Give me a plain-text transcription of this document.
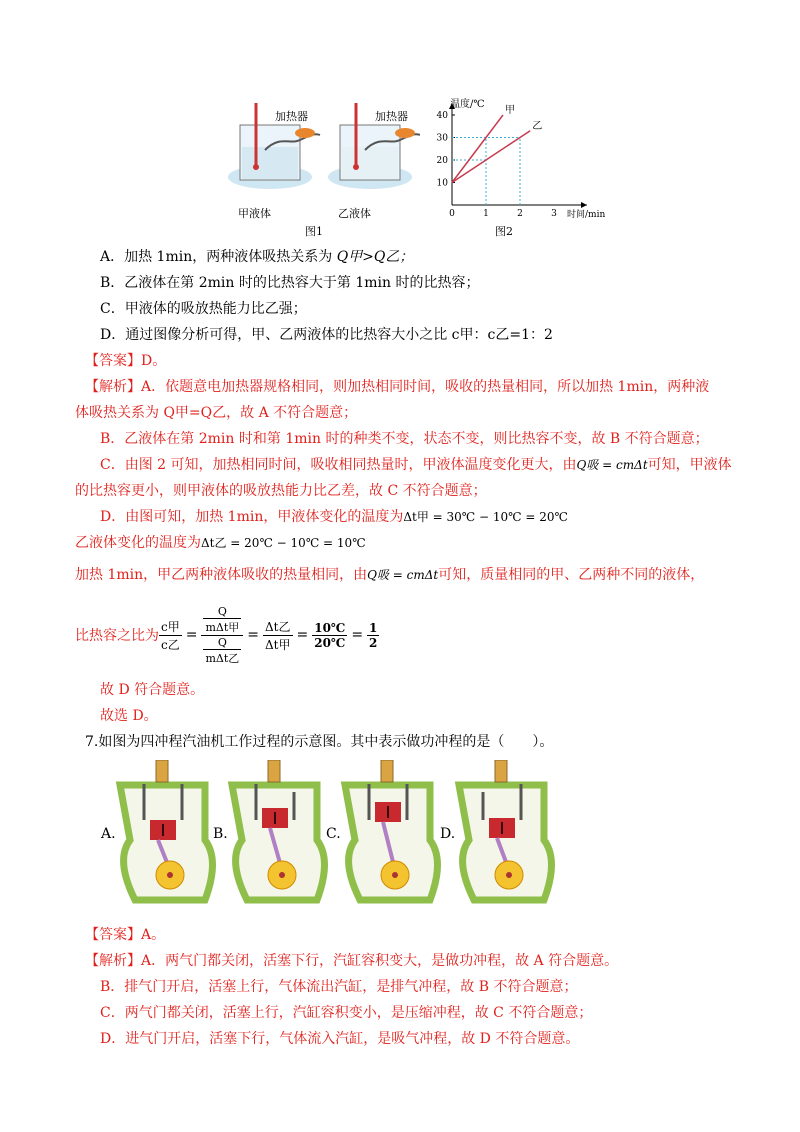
加热器	加热器
甲液体	乙液体
图1
10
20
30
40
0	1	2	3
甲
乙
温度/℃
时间/min
图2
A．加热 1min，两种液体吸热关系为 Q甲>Q乙；
B．乙液体在第 2min 时的比热容大于第 1min 时的比热容；
C．甲液体的吸放热能力比乙强；
D．通过图像分析可得，甲、乙两液体的比热容大小之比 c甲：c乙=1：2
【答案】D。
【解析】A．依题意电加热器规格相同，则加热相同时间，吸收的热量相同，所以加热 1min，两种液
体吸热关系为 Q甲=Q乙，故 A 不符合题意；
B．乙液体在第 2min 时和第 1min 时的种类不变，状态不变，则比热容不变，故 B 不符合题意；
C．由图 2 可知，加热相同时间，吸收相同热量时，甲液体温度变化更大，由Q吸 = cmΔt可知，甲液体
的比热容更小，则甲液体的吸放热能力比乙差，故 C 不符合题意；
D．由图可知，加热 1min，甲液体变化的温度为Δt甲 = 30℃ − 10℃ = 20℃
乙液体变化的温度为Δt乙 = 20℃ − 10℃ = 10℃
加热 1min，甲乙两种液体吸收的热量相同，由Q吸 = cmΔt可知，质量相同的甲、乙两种不同的液体，
比热容之比为 $\frac{\text{c甲}}{\text{c乙}} = \frac{\frac{Q}{\text{mΔt甲}}}{\frac{Q}{\text{mΔt乙}}} = \frac{\text{Δt乙}}{\text{Δt甲}} = \frac{10℃}{20℃} = \frac{1}{2}$
故 D 符合题意。
故选 D。
7.如图为四冲程汽油机工作过程的示意图。其中表示做功冲程的是（　　）。
A.	B.	C.	D.
【答案】A。
【解析】A．两气门都关闭，活塞下行，汽缸容积变大，是做功冲程，故 A 符合题意。
B．排气门开启，活塞上行，气体流出汽缸，是排气冲程，故 B 不符合题意；
C．两气门都关闭，活塞上行，汽缸容积变小，是压缩冲程，故 C 不符合题意；
D．进气门开启，活塞下行，气体流入汽缸，是吸气冲程，故 D 不符合题意。
